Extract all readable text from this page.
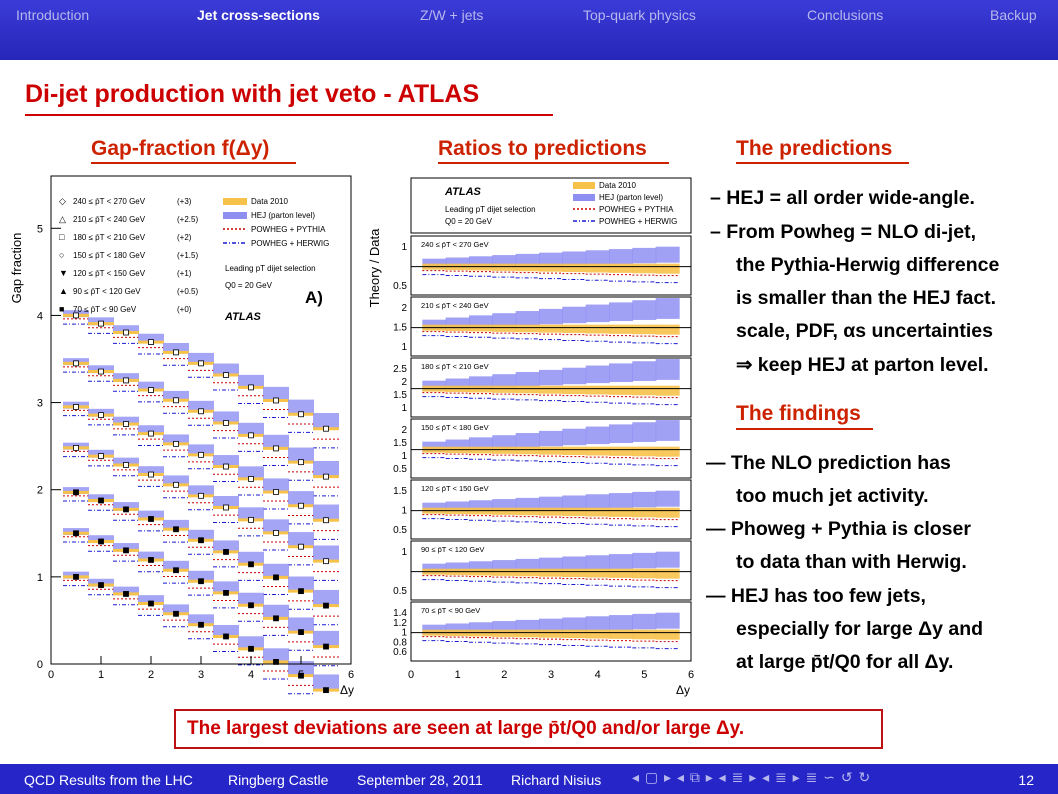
Introduction	Jet cross-sections	Z/W + jets	Top-quark physics	Conclusions	Backup
Di-jet production with jet veto - ATLAS
Gap-fraction f(Δy)	Ratios to predictions	The predictions
0	1	2	3	4	5	6
0
1
2
3
4
5
Gap fraction
Δy
◇ 240 ≤ p̄T < 270 GeV	(+3)
△ 210 ≤ p̄T < 240 GeV	(+2.5)
□ 180 ≤ p̄T < 210 GeV	(+2)
○ 150 ≤ p̄T < 180 GeV	(+1.5)
▼ 120 ≤ p̄T < 150 GeV	(+1)
▲ 90 ≤ p̄T < 120 GeV	(+0.5)
■ 70 ≤ p̄T < 90 GeV	(+0)
Data 2010
HEJ (parton level)
POWHEG + PYTHIA
POWHEG + HERWIG
Leading pT dijet selection
Q0 = 20 GeV
ATLAS
A)	Theory / Data
ATLAS
Leading pT dijet selection
Q0 = 20 GeV
Data 2010
HEJ (parton level)
POWHEG + PYTHIA
POWHEG + HERWIG
240 ≤ p̄T < 270 GeV
1
0.5
210 ≤ p̄T < 240 GeV
2
1.5
1
180 ≤ p̄T < 210 GeV
2.5
2
1.5
1
150 ≤ p̄T < 180 GeV
2
1.5
1
0.5
120 ≤ p̄T < 150 GeV
1.5
1
0.5
90 ≤ p̄T < 120 GeV
1
0.5
70 ≤ p̄T < 90 GeV
1.4
1.2
1
0.8
0.6
0	1	2	3	4	5	6
Δy
– HEJ = all order wide-angle.
– From Powheg = NLO di-jet,
the Pythia-Herwig difference
is smaller than the HEJ fact.
scale, PDF, αs uncertainties
⇒ keep HEJ at parton level.
The findings
— The NLO prediction has
too much jet activity.
— Phoweg + Pythia is closer
to data than with Herwig.
— HEJ has too few jets,
especially for large Δy and
at large p̄t/Q0 for all Δy.
The largest deviations are seen at large p̄t/Q0 and/or large Δy.
QCD Results from the LHC	Ringberg Castle September 28, 2011 Richard Nisius ◂ ▢ ▸ ◂ ⧉ ▸ ◂ ≣ ▸ ◂ ≣ ▸ ≣ ∽ ↺ ↻	12
